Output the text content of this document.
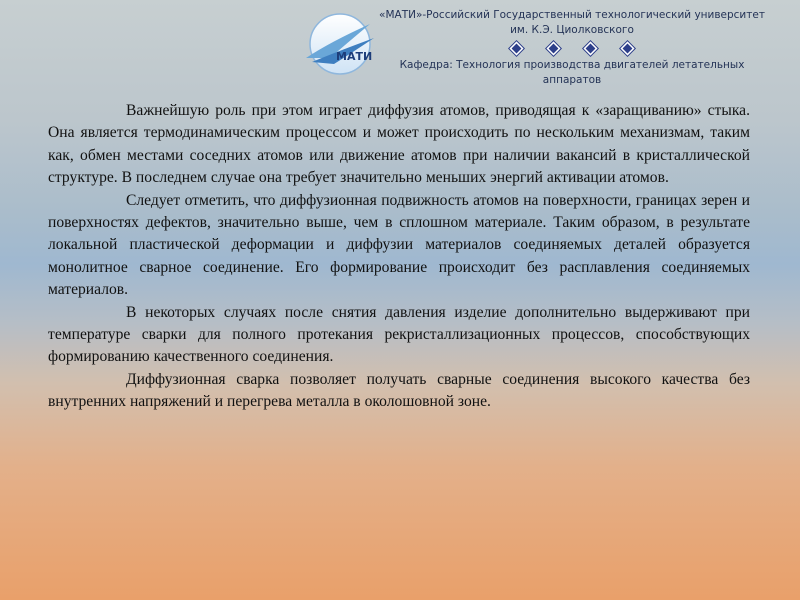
МАТИ
«МАТИ»-Российский Государственный технологический университет
им. К.Э. Циолковского
Кафедра: Технология производства двигателей летательных аппаратов

Важнейшую роль при этом играет диффузия атомов, приводящая к «заращиванию» стыка. Она является термодинамическим процессом и может происходить по нескольким механизмам, таким как, обмен местами соседних атомов или движение атомов при наличии вакансий в кристаллической структуре. В последнем случае она требует значительно меньших энергий активации атомов.

Следует отметить, что диффузионная подвижность атомов на поверхности, границах зерен и поверхностях дефектов, значительно выше, чем в сплошном материале. Таким образом, в результате локальной пластической деформации и диффузии материалов соединяемых деталей образуется монолитное сварное соединение. Его формирование происходит без расплавления соединяемых материалов.

В некоторых случаях после снятия давления изделие дополнительно выдерживают при температуре сварки для полного протекания рекристаллизационных процессов, способствующих формированию качественного соединения.

Диффузионная сварка позволяет получать сварные соединения высокого качества без внутренних напряжений и перегрева металла в околошовной зоне.
